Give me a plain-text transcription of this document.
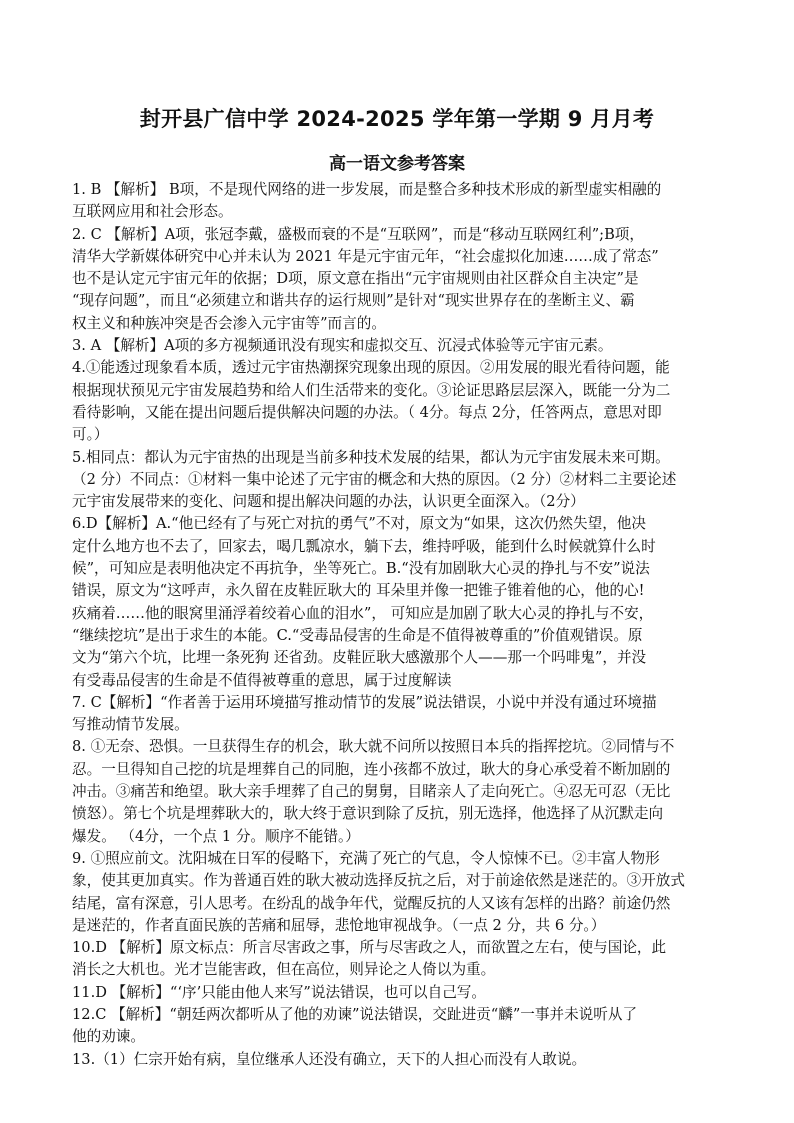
封开县广信中学 2024-2025 学年第一学期 9 月月考
高一语文参考答案
1. B 【解析】 B项，不是现代网络的进一步发展，而是整合多种技术形成的新型虚实相融的
互联网应用和社会形态。
2. C 【解析】A项，张冠李戴，盛极而衰的不是“互联网”，而是“移动互联网红利”;B项，
清华大学新媒体研究中心并未认为 2021 年是元宇宙元年，“社会虚拟化加速……成了常态”
也不是认定元宇宙元年的依据；D项，原文意在指出“元宇宙规则由社区群众自主决定”是
“现存问题”，而且“必须建立和谐共存的运行规则”是针对“现实世界存在的垄断主义、霸
权主义和种族冲突是否会渗入元宇宙等”而言的。
3. A 【解析】A项的多方视频通讯没有现实和虚拟交互、沉浸式体验等元宇宙元素。
4.①能透过现象看本质，透过元宇宙热潮探究现象出现的原因。②用发展的眼光看待问题，能
根据现状预见元宇宙发展趋势和给人们生活带来的变化。③论证思路层层深入，既能一分为二
看待影响，又能在提出问题后提供解决问题的办法。（ 4分。每点 2分，任答两点，意思对即
可。）
5.相同点：都认为元宇宙热的出现是当前多种技术发展的结果，都认为元宇宙发展未来可期。
（2 分）不同点：①材料一集中论述了元宇宙的概念和大热的原因。（2 分）②材料二主要论述
元宇宙发展带来的变化、问题和提出解决问题的办法，认识更全面深入。（2分）
6.D【解析】A.“他已经有了与死亡对抗的勇气”不对，原文为“如果，这次仍然失望，他决
定什么地方也不去了，回家去，喝几瓢凉水，躺下去，维持呼吸，能到什么时候就算什么时
候”，可知应是表明他决定不再抗争，坐等死亡。B.“没有加剧耿大心灵的挣扎与不安”说法
错误，原文为“这呼声，永久留在皮鞋匠耿大的 耳朵里并像一把锥子锥着他的心，他的心!
疚痛着……他的眼窝里涌浮着绞着心血的泪水”， 可知应是加剧了耿大心灵的挣扎与不安，
“继续挖坑”是出于求生的本能。C.“受毒品侵害的生命是不值得被尊重的”价值观错误。原
文为“第六个坑，比埋一条死狗 还省劲。皮鞋匠耿大感激那个人——那一个吗啡鬼”，并没
有受毒品侵害的生命是不值得被尊重的意思，属于过度解读
7. C【解析】“作者善于运用环境描写推动情节的发展”说法错误，小说中并没有通过环境描
写推动情节发展。
8. ①无奈、恐惧。一旦获得生存的机会，耿大就不问所以按照日本兵的指挥挖坑。②同情与不
忍。一旦得知自己挖的坑是埋葬自己的同胞，连小孩都不放过，耿大的身心承受着不断加剧的
冲击。③痛苦和绝望。耿大亲手埋葬了自己的舅舅，目睹亲人了走向死亡。④忍无可忍（无比
愤怒）。第七个坑是埋葬耿大的，耿大终于意识到除了反抗，别无选择，他选择了从沉默走向
爆发。 （4分，一个点 1 分。顺序不能错。）
9. ①照应前文。沈阳城在日军的侵略下，充满了死亡的气息，令人惊悚不已。②丰富人物形
象，使其更加真实。作为普通百姓的耿大被动选择反抗之后，对于前途依然是迷茫的。③开放式
结尾，富有深意，引人思考。在纷乱的战争年代，觉醒反抗的人又该有怎样的出路？前途仍然
是迷茫的，作者直面民族的苦痛和屈辱，悲怆地审视战争。（一点 2 分，共 6 分。）
10.D 【解析】原文标点：所言尽害政之事，所与尽害政之人，而欲置之左右，使与国论，此
消长之大机也。光才岂能害政，但在高位，则异论之人倚以为重。
11.D 【解析】“‘序’只能由他人来写”说法错误，也可以自己写。
12.C 【解析】“朝廷两次都听从了他的劝谏”说法错误，交趾进贡“麟”一事并未说听从了
他的劝谏。
13.（1）仁宗开始有病，皇位继承人还没有确立，天下的人担心而没有人敢说。
